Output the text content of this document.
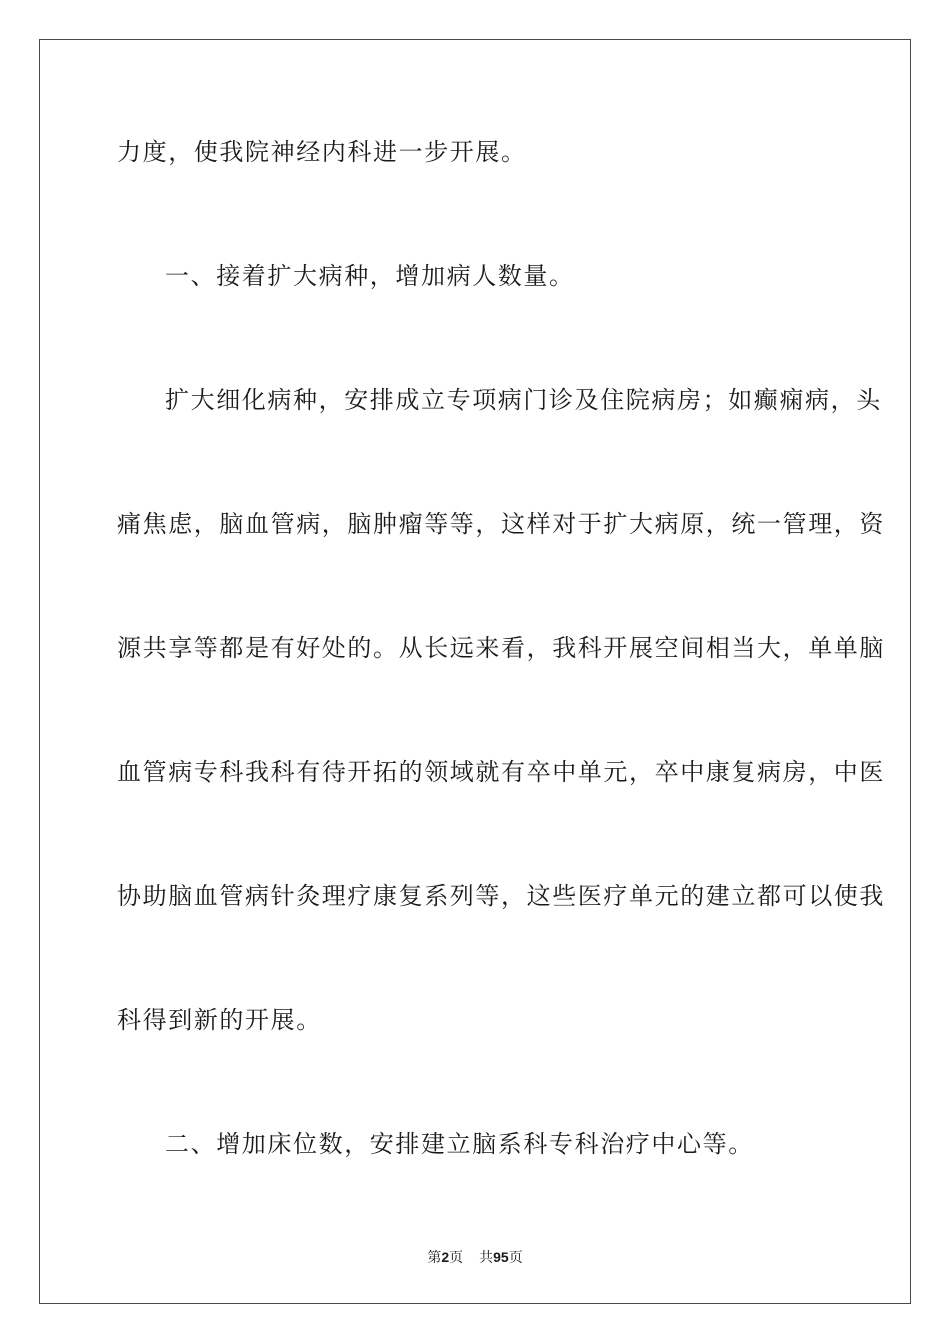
力度，使我院神经内科进一步开展。

一、接着扩大病种，增加病人数量。

扩大细化病种，安排成立专项病门诊及住院病房；如癫痫病，头

痛焦虑，脑血管病，脑肿瘤等等，这样对于扩大病原，统一管理，资

源共享等都是有好处的。从长远来看，我科开展空间相当大，单单脑

血管病专科我科有待开拓的领域就有卒中单元，卒中康复病房，中医

协助脑血管病针灸理疗康复系列等，这些医疗单元的建立都可以使我

科得到新的开展。

二、增加床位数，安排建立脑系科专科治疗中心等。

第2页 共95页
